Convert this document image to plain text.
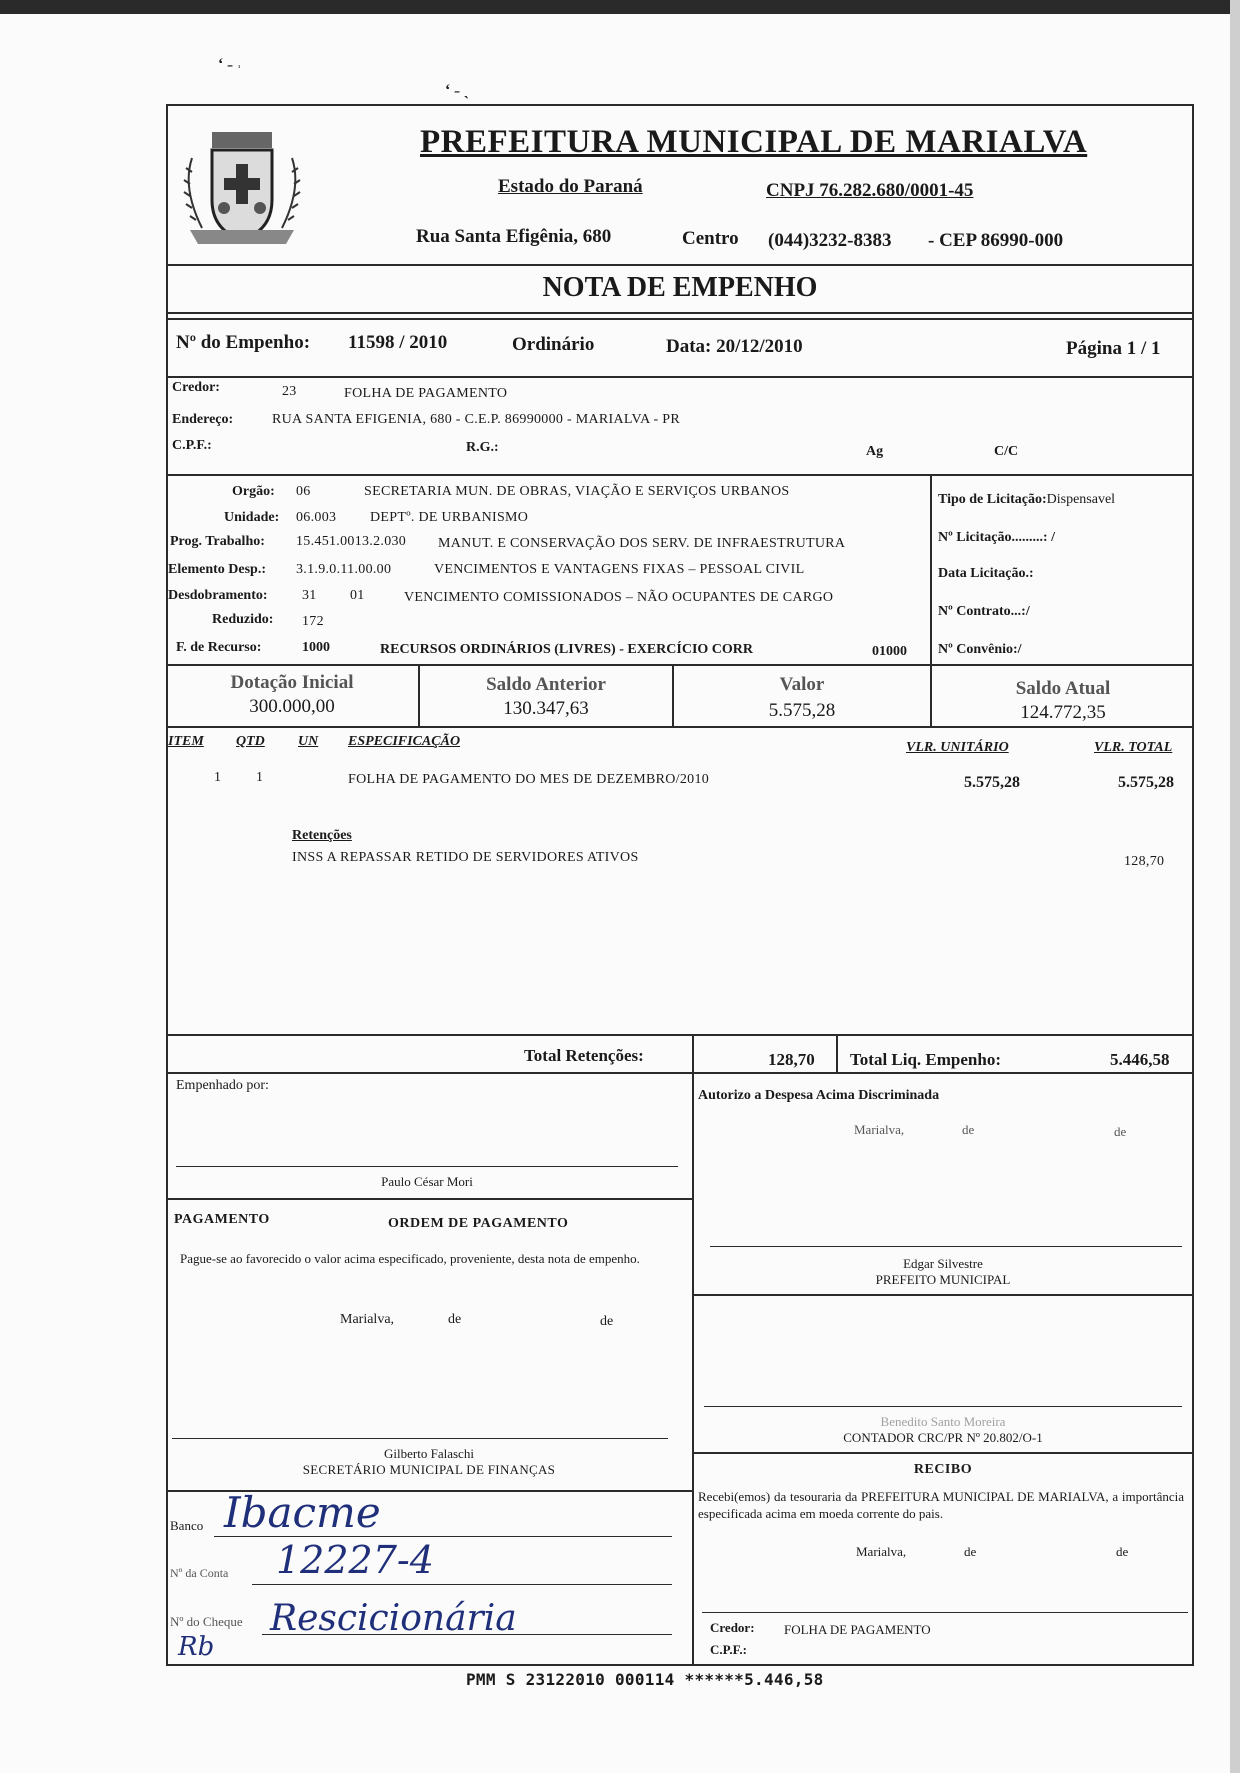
ʻ ˗ ˒
ʻ ˗ ˎ
PREFEITURA MUNICIPAL DE MARIALVA
Estado do Paraná	CNPJ 76.282.680/0001-45
Rua Santa Efigênia, 680	Centro (044)3232-8383 - CEP 86990-000
NOTA DE EMPENHO
Nº do Empenho: 11598 / 2010	Ordinário	Data: 20/12/2010	Página 1 / 1
Credor:	23	FOLHA DE PAGAMENTO
Endereço:	RUA SANTA EFIGENIA, 680 - C.E.P. 86990000 - MARIALVA - PR
C.P.F.:	R.G.:	Ag	C/C
Orgão: 06	SECRETARIA MUN. DE OBRAS, VIAÇÃO E SERVIÇOS URBANOS
Unidade: 06.003 DEPTº. DE URBANISMO
Prog. Trabalho: 15.451.0013.2.030 MANUT. E CONSERVAÇÃO DOS SERV. DE INFRAESTRUTURA
Elemento Desp.: 3.1.9.0.11.00.00	VENCIMENTOS E VANTAGENS FIXAS – PESSOAL CIVIL
Desdobramento: 31 01	VENCIMENTO COMISSIONADOS – NÃO OCUPANTES DE CARGO
Reduzido: 172
F. de Recurso:	1000	RECURSOS ORDINÁRIOS (LIVRES) - EXERCÍCIO CORR	01000
Tipo de Licitação:Dispensavel
Nº Licitação.........: /
Data Licitação.:
Nº Contrato...:/
Nº Convênio:/
Dotação Inicial
300.000,00
Saldo Anterior
130.347,63
Valor
5.575,28
Saldo Atual
124.772,35
ITEM QTD UN ESPECIFICAÇÃO	VLR. UNITÁRIO	VLR. TOTAL
1 1	FOLHA DE PAGAMENTO DO MES DE DEZEMBRO/2010	5.575,28	5.575,28
Retenções
INSS A REPASSAR RETIDO DE SERVIDORES ATIVOS	128,70
Total Retenções:	128,70 Total Liq. Empenho:	5.446,58
Empenhado por:
Paulo César Mori
Autorizo a Despesa Acima Discriminada
Marialva,	de	de
Edgar Silvestre
PREFEITO MUNICIPAL
PAGAMENTO	ORDEM DE PAGAMENTO
Pague-se ao favorecido o valor acima especificado, proveniente, desta nota de empenho.
Marialva,	de	de
Gilberto Falaschi
SECRETÁRIO MUNICIPAL DE FINANÇAS
Benedito Santo Moreira
CONTADOR CRC/PR Nº 20.802/O-1
RECIBO
Recebi(emos) da tesouraria da PREFEITURA MUNICIPAL DE MARIALVA, a importância especificada acima em moeda corrente do pais.
Marialva,	de	de
Credor: FOLHA DE PAGAMENTO
C.P.F.:
Banco Ibacme
Nº da Conta 12227-4
Nº do Cheque Rescicionária
Rb
PMM S 23122010 000114 ******5.446,58
